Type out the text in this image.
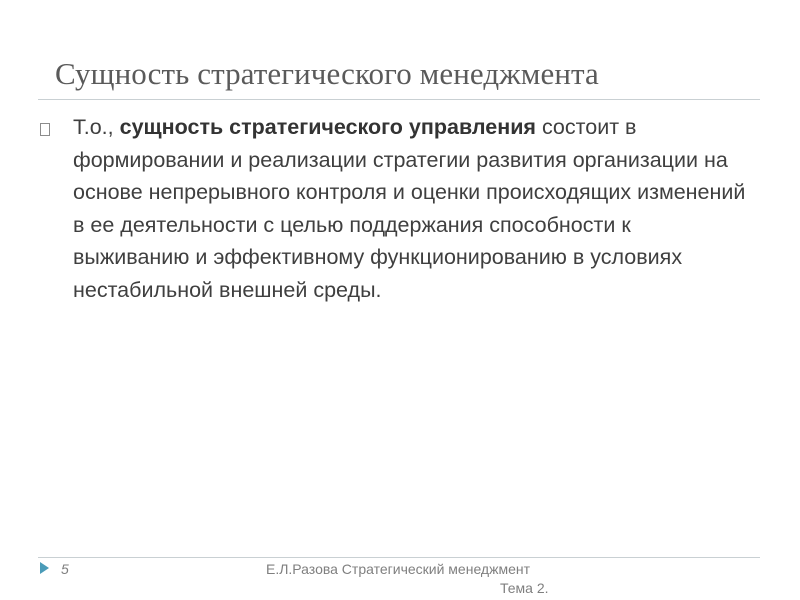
Сущность стратегического менеджмента

Т.о., сущность стратегического управления состоит в формировании и реализации стратегии развития организации на основе непрерывного контроля и оценки происходящих изменений в ее деятельности с целью поддержания способности к выживанию и эффективному функционированию в условиях нестабильной внешней среды.

5	Е.Л.Разова Стратегический менеджмент
Тема 2.
